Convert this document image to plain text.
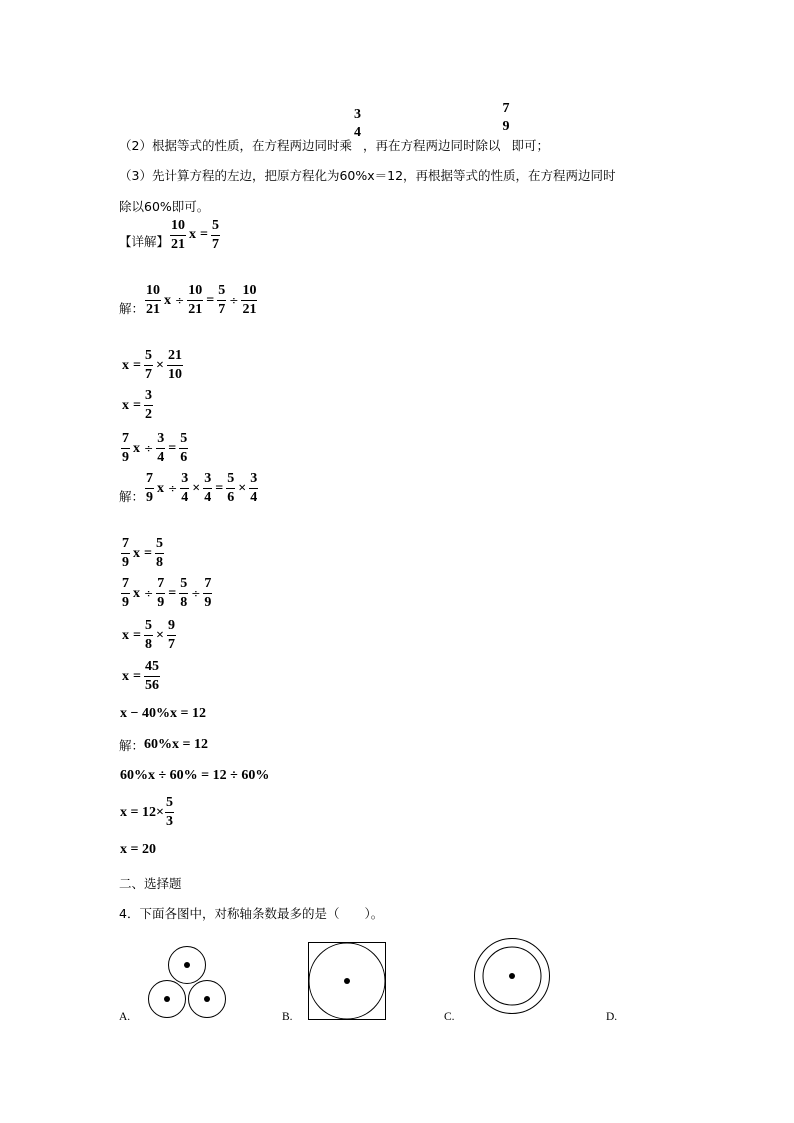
（2）根据等式的性质，在方程两边同时乘
3
4
，再在方程两边同时除以
7
9
即可；
（3）先计算方程的左边，把原方程化为60%x＝12，再根据等式的性质，在方程两边同时
除以60%即可。
【详解】 $\frac{10}{21}$ $x = \frac{5}{7}$
解： $\frac{10}{21}$ $x \div \frac{10}{21} = \frac{5}{7} \div \frac{10}{21}$
$x = \frac{5}{7} \times \frac{21}{10}$
$x = \frac{3}{2}$
$\frac{7}{9}$ $x \div \frac{3}{4} = \frac{5}{6}$
解： $\frac{7}{9}$ $x \div \frac{3}{4} \times \frac{3}{4} = \frac{5}{6} \times \frac{3}{4}$
$\frac{7}{9}$ $x = \frac{5}{8}$
$\frac{7}{9}$ $x \div \frac{7}{9} = \frac{5}{8} \div \frac{7}{9}$
$x = \frac{5}{8} \times \frac{9}{7}$
$x = \frac{45}{56}$
x − 40%x = 12
解： 60%x = 12
60%x ÷ 60% = 12 ÷ 60%
$x = 12\times \frac{5}{3}$
x = 20
二、选择题
4．下面各图中，对称轴条数最多的是（　　）。
A.	B.	C.	D.
